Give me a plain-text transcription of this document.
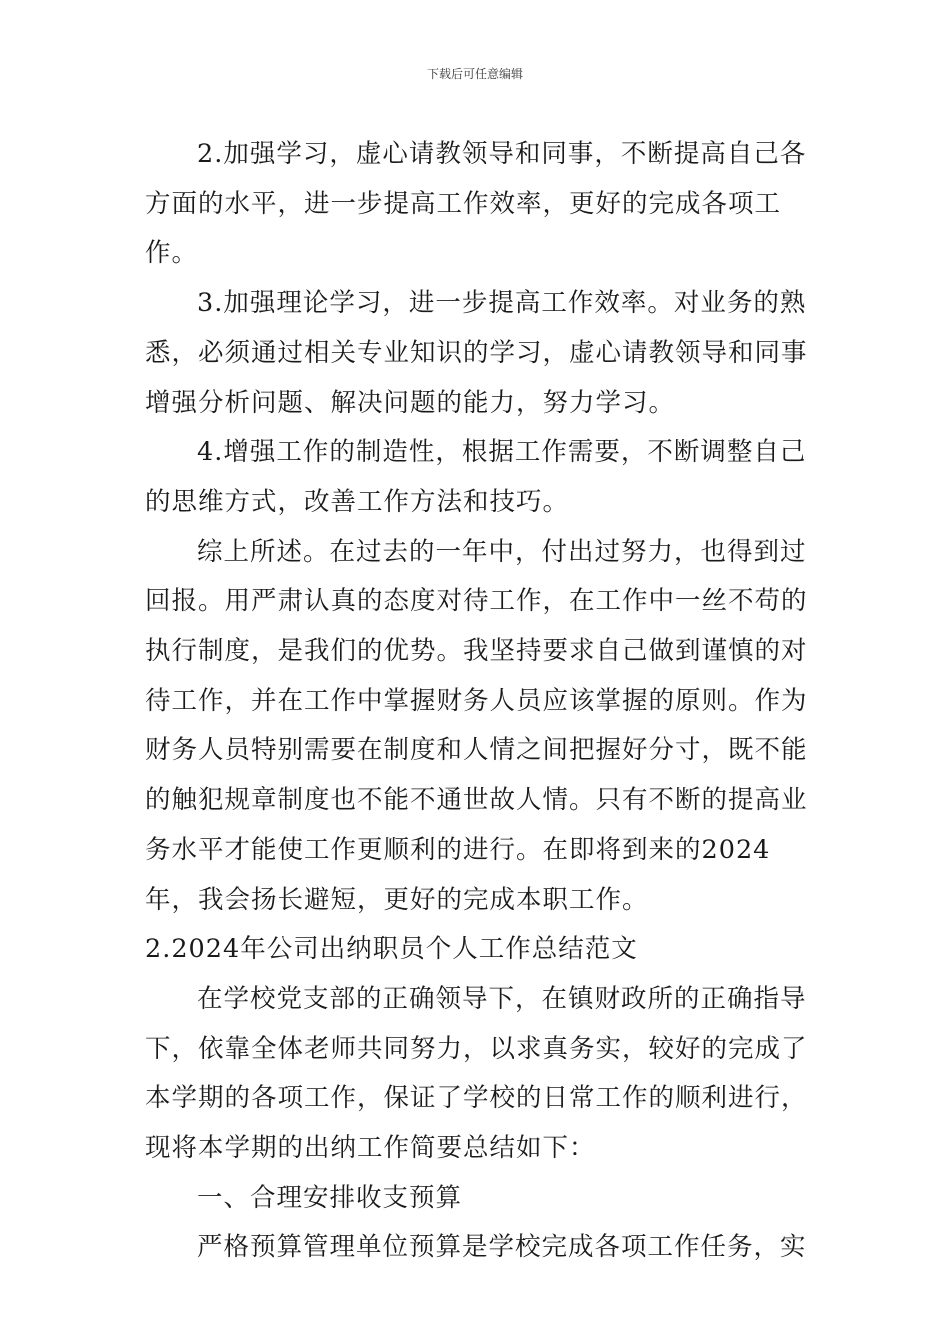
下载后可任意编辑

2.加强学习，虚心请教领导和同事，不断提高自己各方面的水平，进一步提高工作效率，更好的完成各项工作。

3.加强理论学习，进一步提高工作效率。对业务的熟悉，必须通过相关专业知识的学习，虚心请教领导和同事增强分析问题、解决问题的能力，努力学习。

4.增强工作的制造性，根据工作需要，不断调整自己的思维方式，改善工作方法和技巧。

综上所述。在过去的一年中，付出过努力，也得到过回报。用严肃认真的态度对待工作，在工作中一丝不苟的执行制度，是我们的优势。我坚持要求自己做到谨慎的对待工作，并在工作中掌握财务人员应该掌握的原则。作为财务人员特别需要在制度和人情之间把握好分寸，既不能的触犯规章制度也不能不通世故人情。只有不断的提高业务水平才能使工作更顺利的进行。在即将到来的2024年，我会扬长避短，更好的完成本职工作。

2.2024年公司出纳职员个人工作总结范文

在学校党支部的正确领导下，在镇财政所的正确指导下，依靠全体老师共同努力，以求真务实，较好的完成了本学期的各项工作，保证了学校的日常工作的顺利进行，现将本学期的出纳工作简要总结如下：

一、合理安排收支预算

严格预算管理单位预算是学校完成各项工作任务，实
